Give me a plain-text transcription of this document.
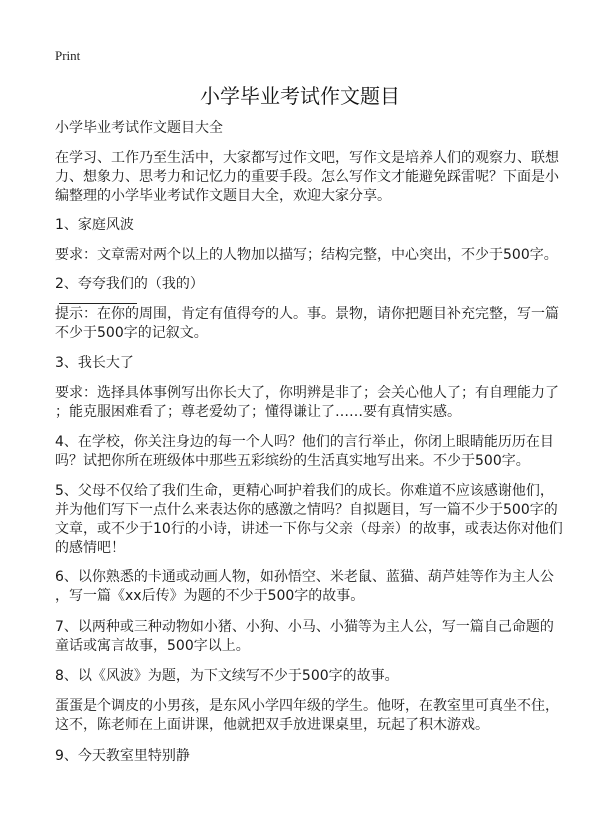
Print
小学毕业考试作文题目

小学毕业考试作文题目大全

在学习、工作乃至生活中，大家都写过作文吧，写作文是培养人们的观察力、联想
力、想象力、思考力和记忆力的重要手段。怎么写作文才能避免踩雷呢？下面是小
编整理的小学毕业考试作文题目大全，欢迎大家分享。

1、家庭风波

要求：文章需对两个以上的人物加以描写；结构完整，中心突出，不少于500字。

2、夸夸我们的（我的）

提示：在你的周围，肯定有值得夸的人。事。景物，请你把题目补充完整，写一篇
不少于500字的记叙文。

3、我长大了

要求：选择具体事例写出你长大了，你明辨是非了；会关心他人了；有自理能力了
；能克服困难看了；尊老爱幼了；懂得谦让了……要有真情实感。

4、在学校，你关注身边的每一个人吗？他们的言行举止，你闭上眼睛能历历在目
吗？试把你所在班级体中那些五彩缤纷的生活真实地写出来。不少于500字。

5、父母不仅给了我们生命，更精心呵护着我们的成长。你难道不应该感谢他们，
并为他们写下一点什么来表达你的感激之情吗？自拟题目，写一篇不少于500字的
文章，或不少于10行的小诗，讲述一下你与父亲（母亲）的故事，或表达你对他们
的感情吧！

6、以你熟悉的卡通或动画人物，如孙悟空、米老鼠、蓝猫、葫芦娃等作为主人公
，写一篇《xx后传》为题的不少于500字的故事。

7、以两种或三种动物如小猪、小狗、小马、小猫等为主人公，写一篇自己命题的
童话或寓言故事，500字以上。

8、以《风波》为题，为下文续写不少于500字的故事。

蛋蛋是个调皮的小男孩，是东风小学四年级的学生。他呀，在教室里可真坐不住，
这不，陈老师在上面讲课，他就把双手放进课桌里，玩起了积木游戏。

9、今天教室里特别静
